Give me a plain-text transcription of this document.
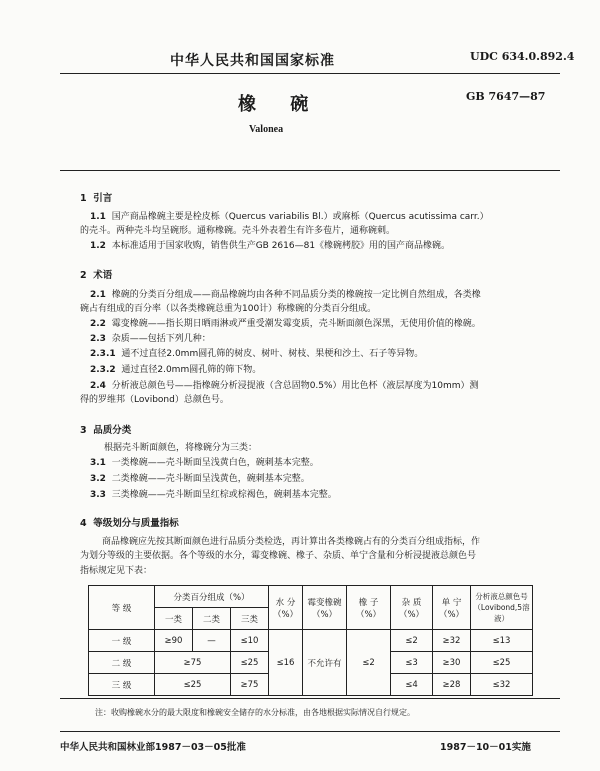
中华人民共和国国家标准	UDC 634.0.892.4
GB 7647—87
橡 碗
Valonea
1 引言
1.1 国产商品橡碗主要是栓皮栎（Quercus variabilis Bl.）或麻栎（Quercus acutissima carr.）
的壳斗。两种壳斗均呈碗形。通称橡碗。壳斗外表着生有许多苞片，通称碗刺。
1.2 本标准适用于国家收购，销售供生产GB 2616—81《橡碗栲胶》用的国产商品橡碗。
2 术语
2.1 橡碗的分类百分组成——商品橡碗均由各种不同品质分类的橡碗按一定比例自然组成，各类橡
碗占有组成的百分率（以各类橡碗总重为100计）称橡碗的分类百分组成。
2.2 霉变橡碗——指长期日晒雨淋或严重受潮发霉变质，壳斗断面颜色深黑，无使用价值的橡碗。
2.3 杂质——包括下列几种：
2.3.1 通不过直径2.0mm圆孔筛的树皮、树叶、树枝、果梗和沙土、石子等异物。
2.3.2 通过直径2.0mm圆孔筛的筛下物。
2.4 分析液总颜色号——指橡碗分析浸提液（含总固物0.5%）用比色杯（液层厚度为10mm）测
得的罗维邦（Lovibond）总颜色号。
3 品质分类
根据壳斗断面颜色，将橡碗分为三类：
3.1 一类橡碗——壳斗断面呈浅黄白色，碗刺基本完整。
3.2 二类橡碗——壳斗断面呈浅黄色，碗刺基本完整。
3.3 三类橡碗——壳斗断面呈红棕或棕褐色，碗刺基本完整。
4 等级划分与质量指标
商品橡碗应先按其断面颜色进行品质分类检选，再计算出各类橡碗占有的分类百分组成指标，作
为划分等级的主要依据。各个等级的水分，霉变橡碗、橡子、杂质、单宁含量和分析浸提液总颜色号
指标规定见下表：
等 级	分类百分组成（%）			水 分
（%）	霉变橡碗
（%）	橡 子
（%）	杂 质
（%）	单 宁
（%）	分析液总颜色号
（Lovibond,5溶液）
	一类	二类	三类						
一 级	≥90	—	≤10	≤16	不允许有	≤2	≤2	≥32	≤13
二 级	≥75		≤25				≤3	≥30	≤25
三 级	≤25		≥75				≤4	≥28	≤32
注：收购橡碗水分的最大限度和橡碗安全储存的水分标准，由各地根据实际情况自行规定。
中华人民共和国林业部1987－03－05批准	1987－10－01实施
